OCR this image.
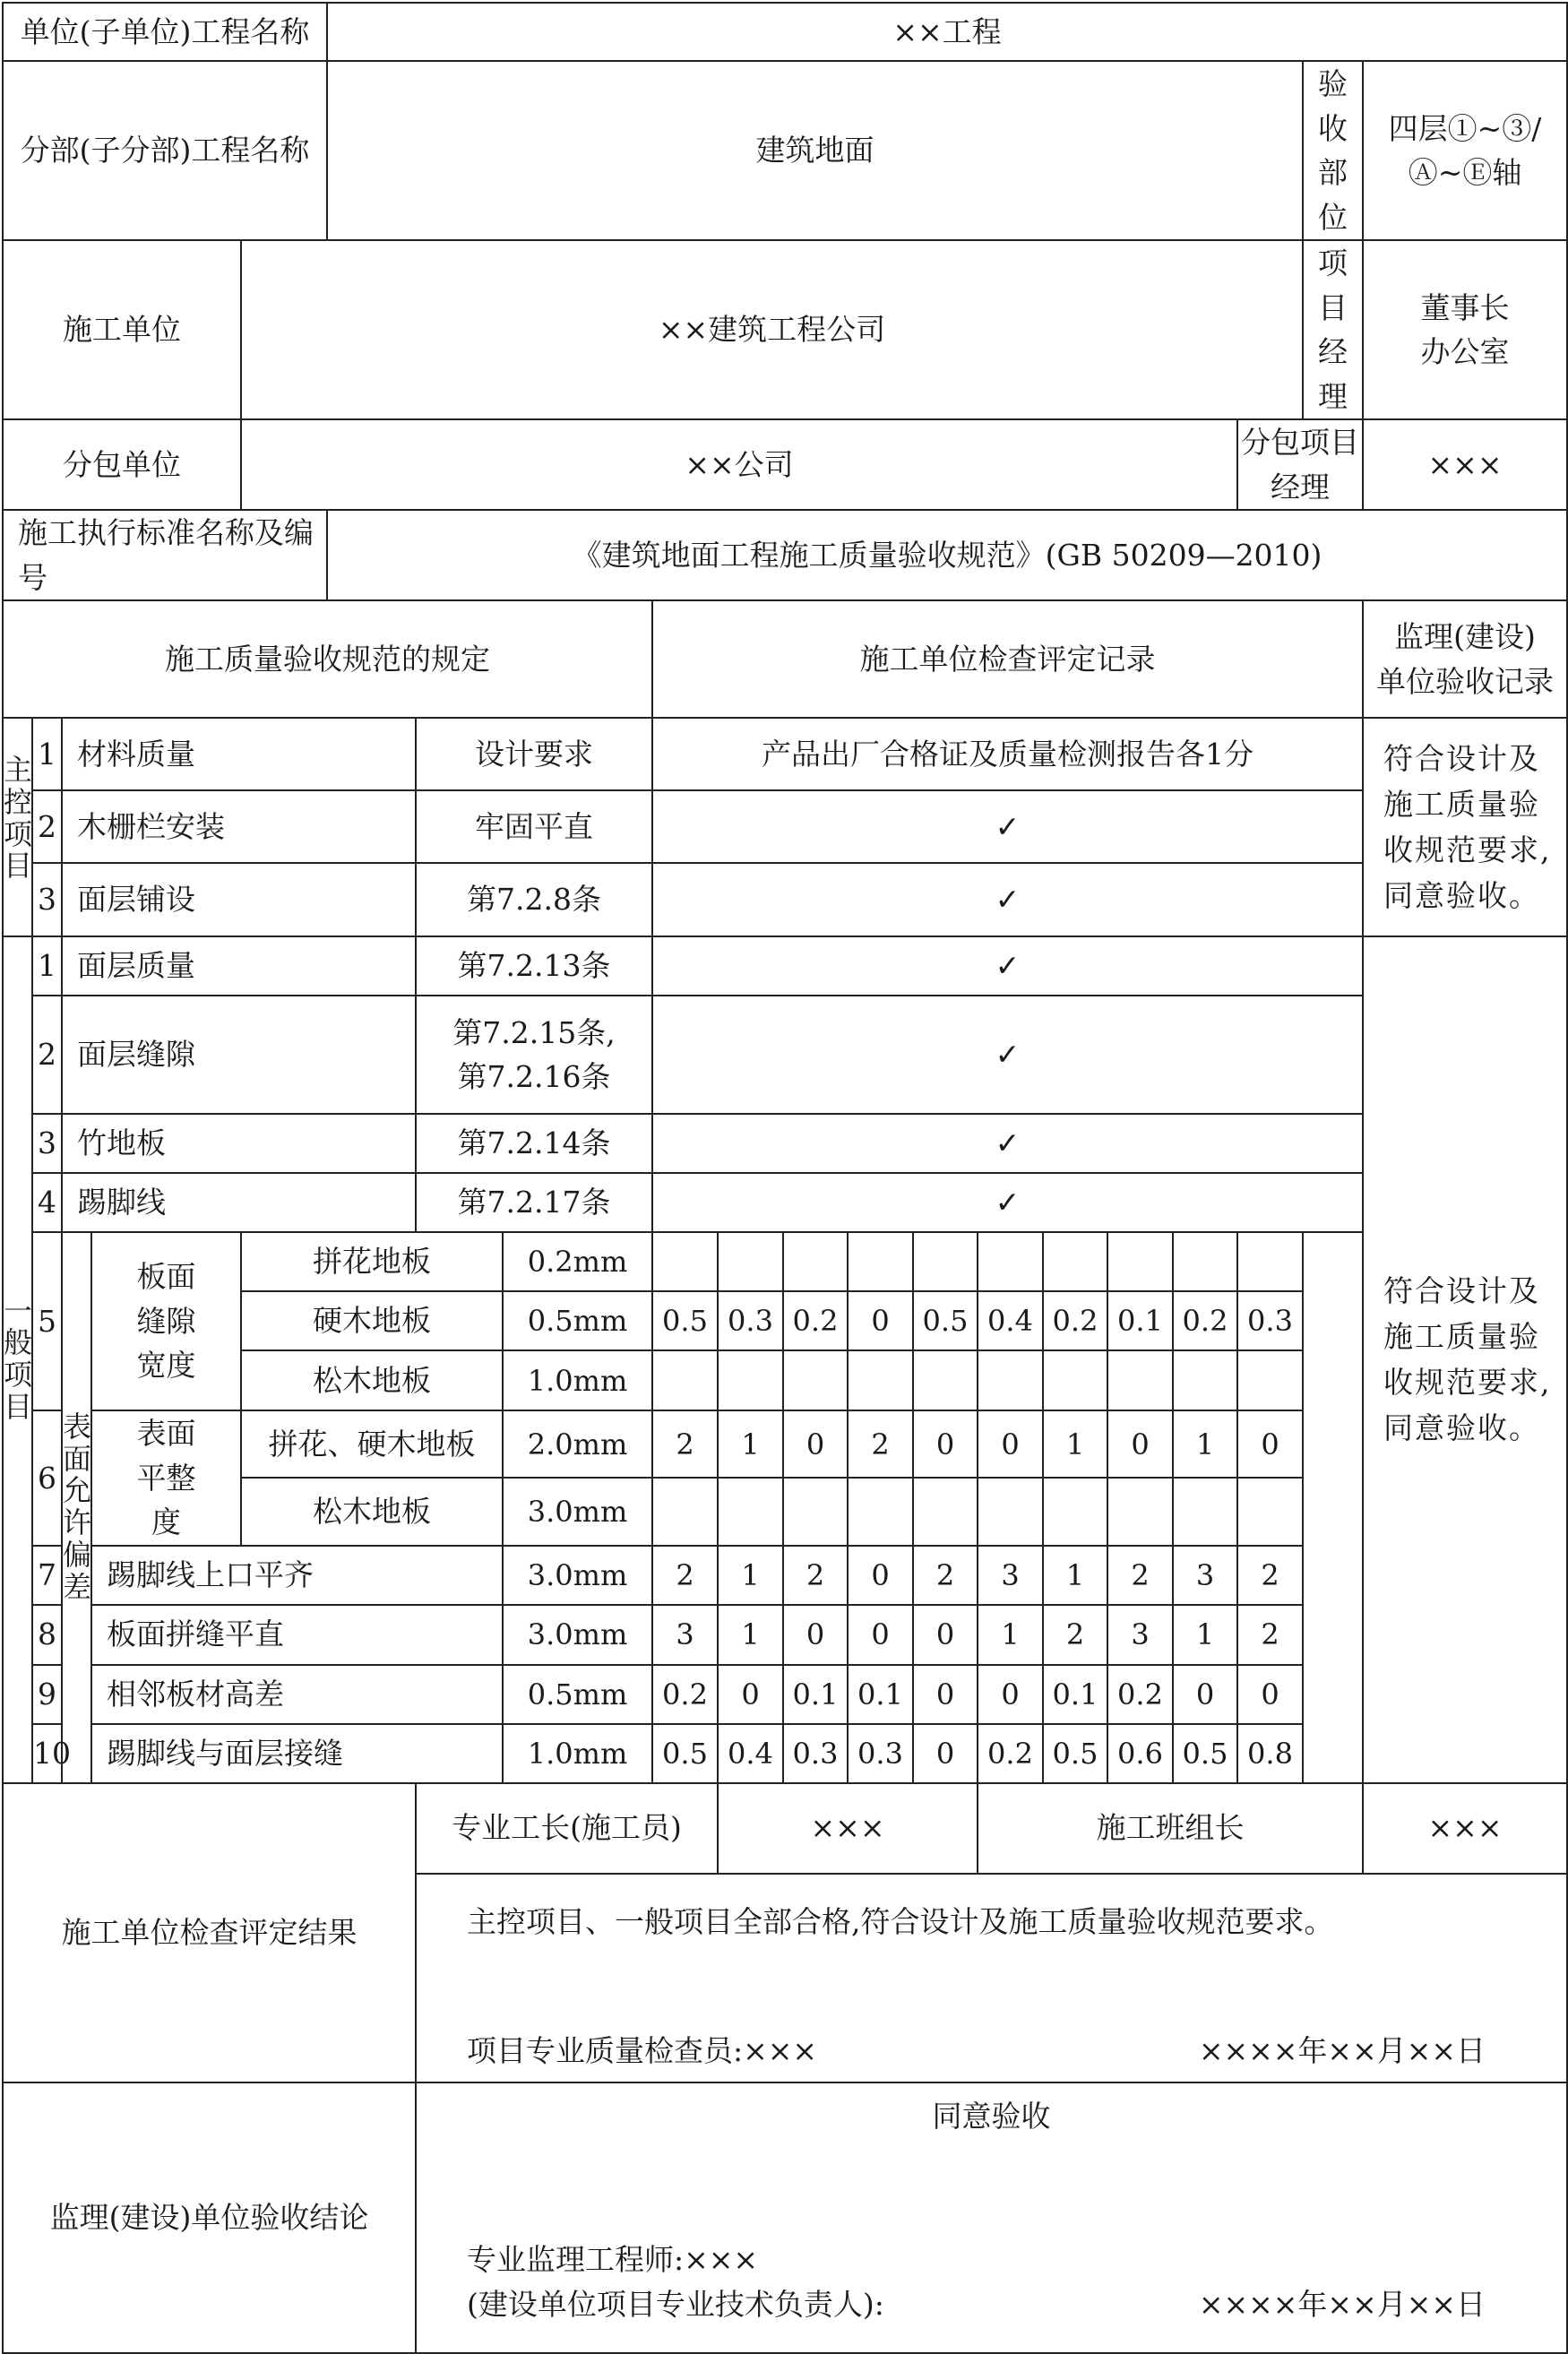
单位(子单位)工程名称					××工程														
分部(子分部)工程名称					建筑地面													验收部位	四层①~③/
Ⓐ~Ⓔ轴
施工单位				××建筑工程公司														项目经理	董事长
办公室
分包单位				××公司													分包项目经理		×××
施工执行标准名称及编号					《建筑地面工程施工质量验收规范》(GB 50209—2010)														
施工质量验收规范的规定								施工单位检查评定记录											监理(建设)
单位验收记录
主控项目	1	材料质量				设计要求		产品出厂合格证及质量检测报告各1分											符合设计及施工质量验收规范要求,同意验收。
	2	木栅栏安装				牢固平直		✓											
	3	面层铺设				第7.2.8条		✓											
一般项目	1	面层质量				第7.2.13条		✓											符合设计及施工质量验收规范要求,同意验收。
	2	面层缝隙				第7.2.15条,
第7.2.16条		✓											
	3	竹地板				第7.2.14条		✓											
	4	踢脚线				第7.2.17条		✓											
	5	表面允许偏差	板面缝隙宽度	拼花地板			0.2mm												
				硬木地板			0.5mm	0.5	0.3	0.2	0	0.5	0.4	0.2	0.1	0.2	0.3		
				松木地板			1.0mm												
	6		表面平整度	拼花、硬木地板			2.0mm	2	1	0	2	0	0	1	0	1	0		
				松木地板			3.0mm												
	7		踢脚线上口平齐				3.0mm	2	1	2	0	2	3	1	2	3	2		
	8		板面拼缝平直				3.0mm	3	1	0	0	0	1	2	3	1	2		
	9		相邻板材高差				0.5mm	0.2	0	0.1	0.1	0	0	0.1	0.2	0	0		
	10		踢脚线与面层接缝				1.0mm	0.5	0.4	0.3	0.3	0	0.2	0.5	0.6	0.5	0.8		
施工单位检查评定结果						专业工长(施工员)			×××				施工班组长						×××

						主控项目、一般项目全部合格,符合设计及施工质量验收规范要求。
项目专业质量检查员:××× ××××年××月××日													

监理(建设)单位验收结论						同意验收
专业监理工程师:×××
(建设单位项目专业技术负责人): ××××年××月××日													
